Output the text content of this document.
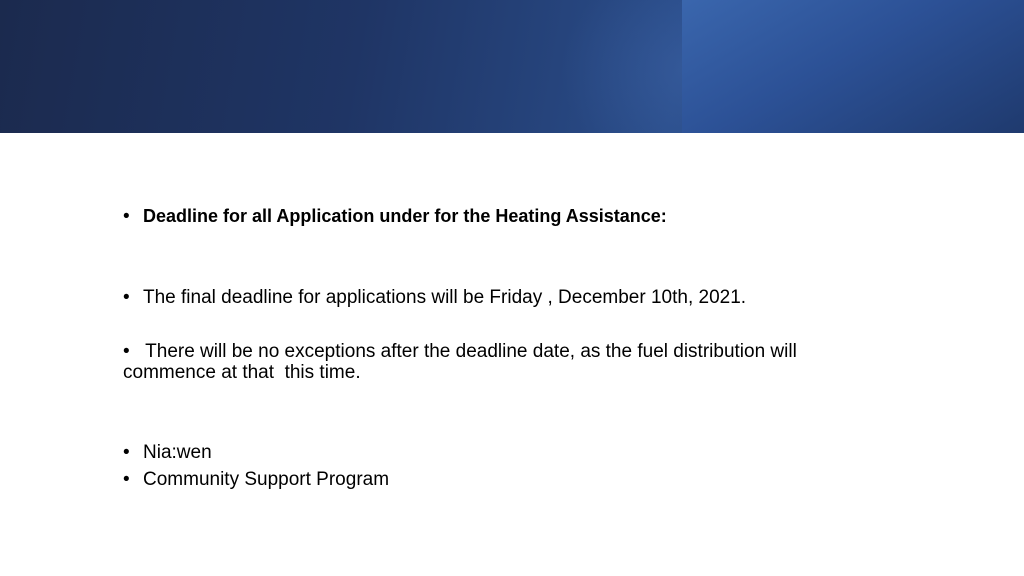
• Deadline for all Application under for the Heating Assistance:
• The final deadline for applications will be Friday , December 10th, 2021.
•   There will be no exceptions after the deadline date, as the fuel distribution will
commence at that  this time.
• Nia:wen
• Community Support Program
